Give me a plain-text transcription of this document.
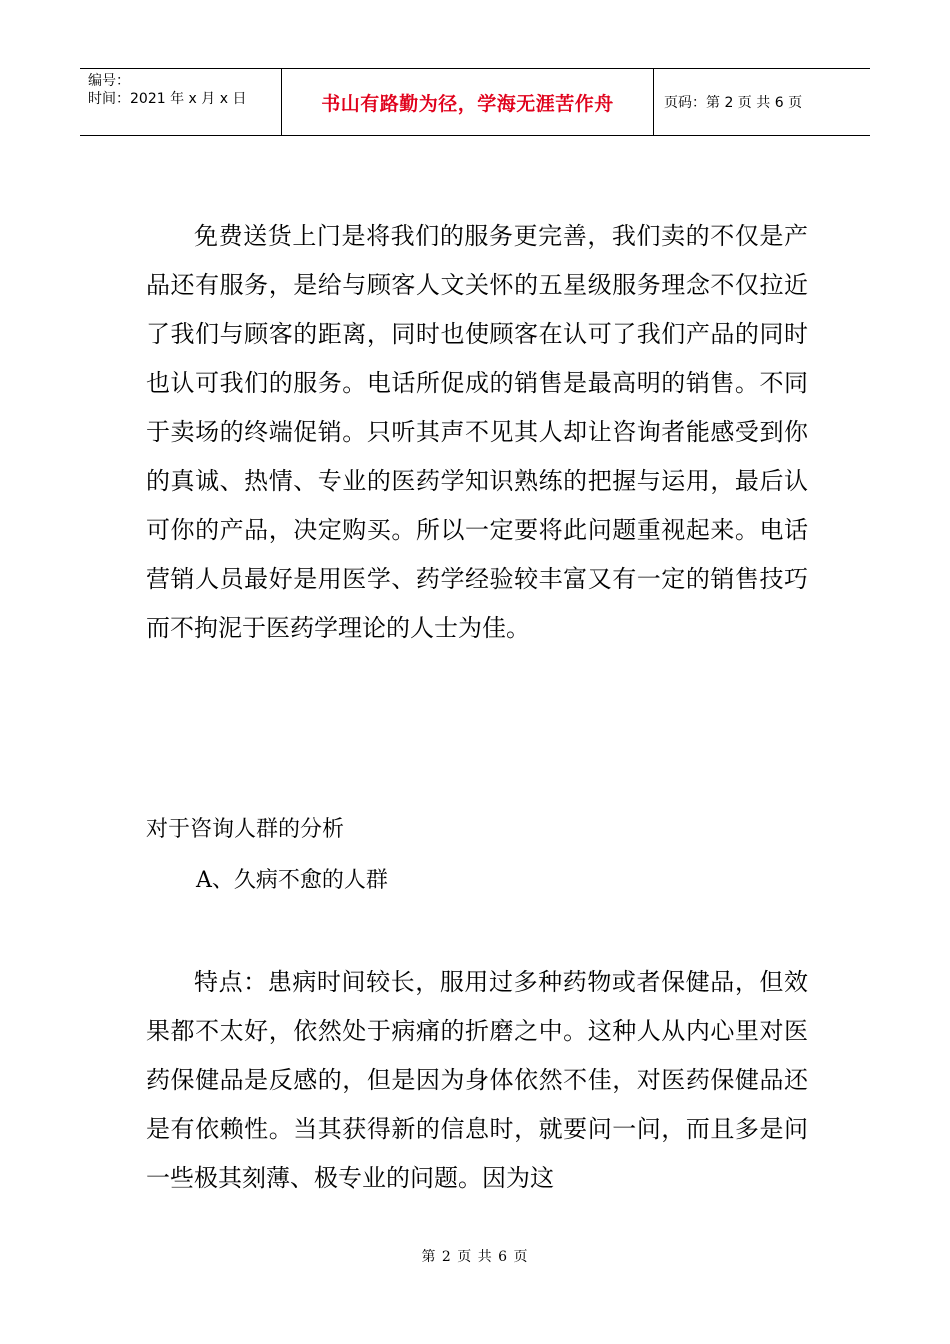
编号：
时间：2021 年 x 月 x 日	书山有路勤为径，学海无涯苦作舟	页码：第 2 页 共 6 页

免费送货上门是将我们的服务更完善，我们卖的不仅是产品还有服务，是给与顾客人文关怀的五星级服务理念不仅拉近了我们与顾客的距离，同时也使顾客在认可了我们产品的同时也认可我们的服务。电话所促成的销售是最高明的销售。不同于卖场的终端促销。只听其声不见其人却让咨询者能感受到你的真诚、热情、专业的医药学知识熟练的把握与运用，最后认可你的产品，决定购买。所以一定要将此问题重视起来。电话营销人员最好是用医学、药学经验较丰富又有一定的销售技巧而不拘泥于医药学理论的人士为佳。

对于咨询人群的分析
A、久病不愈的人群

特点：患病时间较长，服用过多种药物或者保健品，但效果都不太好，依然处于病痛的折磨之中。这种人从内心里对医药保健品是反感的，但是因为身体依然不佳，对医药保健品还是有依赖性。当其获得新的信息时，就要问一问，而且多是问一些极其刻薄、极专业的问题。因为这

第 2 页 共 6 页
